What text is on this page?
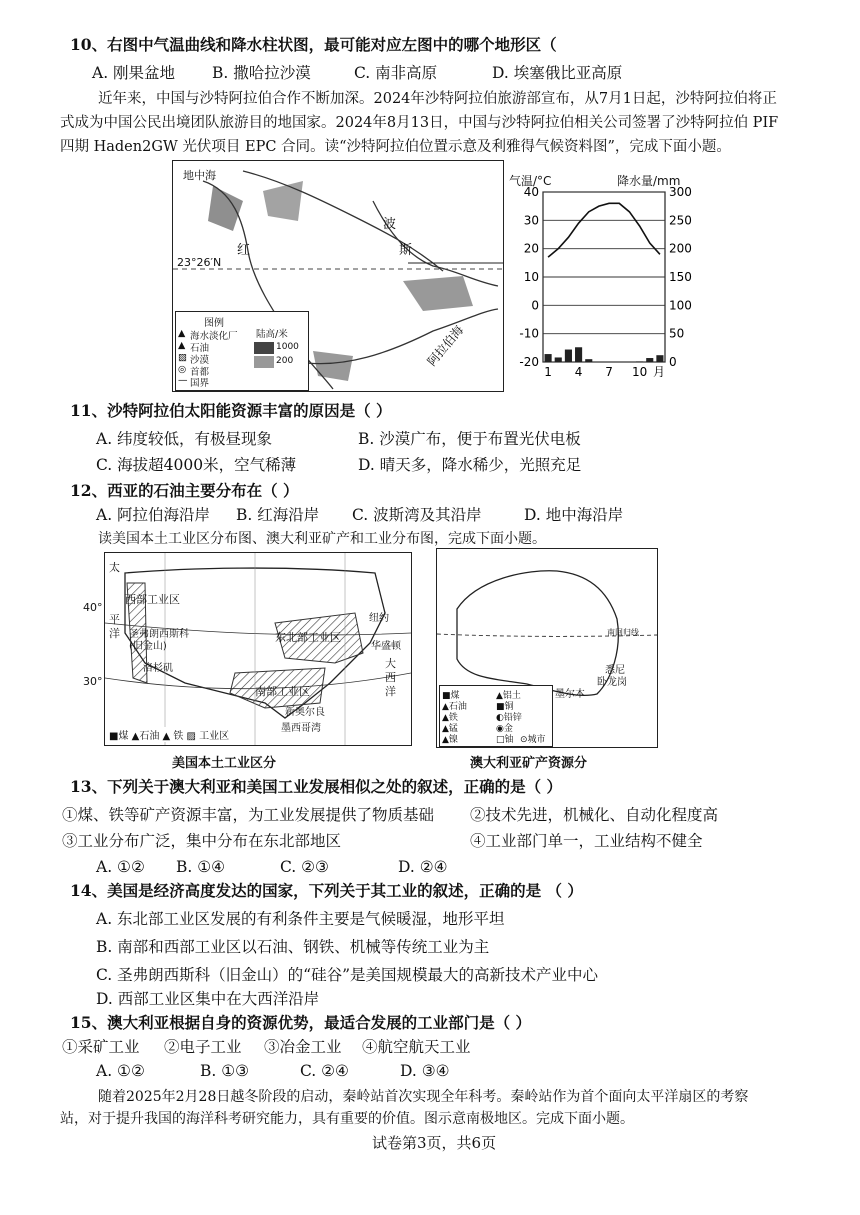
10、右图中气温曲线和降水柱状图，最可能对应左图中的哪个地形区（
A. 刚果盆地 B. 撒哈拉沙漠	C. 南非高原	D. 埃塞俄比亚高原
近年来，中国与沙特阿拉伯合作不断加深。2024年沙特阿拉伯旅游部宣布，从7月1日起，沙特阿拉伯将正
式成为中国公民出境团队旅游目的地国家。2024年8月13日，中国与沙特阿拉伯相关公司签署了沙特阿拉伯 PIF
四期 Haden2GW 光伏项目 EPC 合同。读“沙特阿拉伯位置示意及利雅得气候资料图”，完成下面小题。
地中海
红
波
斯
23°26′N
阿拉伯海
图例
▲ 海水淡化厂
▲ 石油
▨ 沙漠
◎ 首都
— 国界
陆高/米
1000
200
气温/°C	降水量/mm
40	300
30	250
20	200
10	150
0	100
-10	50
-20	0
1 4 7 10 月
11、沙特阿拉伯太阳能资源丰富的原因是（ ）
A. 纬度较低，有极昼现象	B. 沙漠广布，便于布置光伏电板
C. 海拔超4000米，空气稀薄	D. 晴天多，降水稀少，光照充足
12、西亚的石油主要分布在（ ）
A. 阿拉伯海沿岸 B. 红海沿岸 C. 波斯湾及其沿岸	D. 地中海沿岸
读美国本土工业区分布图、澳大利亚矿产和工业分布图，完成下面小题。
太
平
洋
40°
30°
西部工业区
圣弗朗西斯科
(旧金山)
洛杉矶
东北部工业区
纽约
华盛顿
大
西
洋
南部工业区
新奥尔良
墨西哥湾
■煤 ▲石油 ▲ 铁 ▨ 工业区
美国本土工业区分
南回归线
悉尼
卧龙岗
墨尔本
■煤	▲铝土
▲石油	■铜
▲铁	◐铅锌
▲锰	◉金
▲镍	□铀 ⊙城市
澳大利亚矿产资源分
13、下列关于澳大利亚和美国工业发展相似之处的叙述，正确的是（ ）
①煤、铁等矿产资源丰富，为工业发展提供了物质基础 ②技术先进，机械化、自动化程度高
③工业分布广泛，集中分布在东北部地区	④工业部门单一，工业结构不健全
A. ①② B. ①④	C. ②③	D. ②④
14、美国是经济高度发达的国家，下列关于其工业的叙述，正确的是 （ ）
A. 东北部工业区发展的有利条件主要是气候暖湿，地形平坦
B. 南部和西部工业区以石油、钢铁、机械等传统工业为主
C. 圣弗朗西斯科（旧金山）的“硅谷”是美国规模最大的高新技术产业中心
D. 西部工业区集中在大西洋沿岸
15、澳大利亚根据自身的资源优势，最适合发展的工业部门是（ ）
①采矿工业 ②电子工业 ③冶金工业 ④航空航天工业
A. ①②	B. ①③	C. ②④	D. ③④
随着2025年2月28日越冬阶段的启动，秦岭站首次实现全年科考。秦岭站作为首个面向太平洋扇区的考察
站，对于提升我国的海洋科考研究能力，具有重要的价值。图示意南极地区。完成下面小题。
试卷第3页，共6页
